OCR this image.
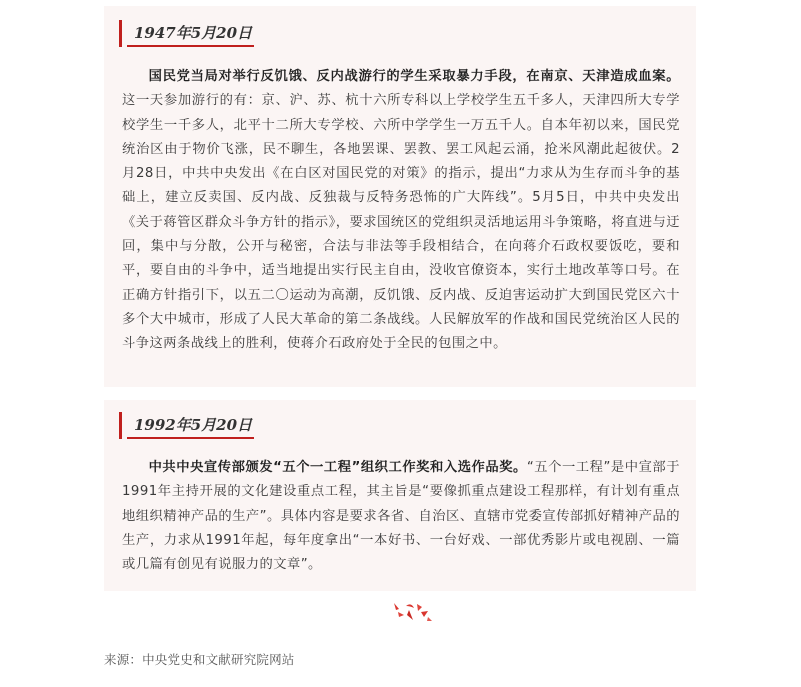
1947年5月20日

国民党当局对举行反饥饿、反内战游行的学生采取暴力手段，在南京、天津造成血案。这一天参加游行的有：京、沪、苏、杭十六所专科以上学校学生五千多人，天津四所大专学校学生一千多人，北平十二所大专学校、六所中学学生一万五千人。自本年初以来，国民党统治区由于物价飞涨，民不聊生，各地罢课、罢教、罢工风起云涌，抢米风潮此起彼伏。2月28日，中共中央发出《在白区对国民党的对策》的指示，提出“力求从为生存而斗争的基础上，建立反卖国、反内战、反独裁与反特务恐怖的广大阵线”。5月5日，中共中央发出《关于蒋管区群众斗争方针的指示》，要求国统区的党组织灵活地运用斗争策略，将直进与迂回，集中与分散，公开与秘密，合法与非法等手段相结合，在向蒋介石政权要饭吃，要和平，要自由的斗争中，适当地提出实行民主自由，没收官僚资本，实行土地改革等口号。在正确方针指引下，以五二〇运动为高潮，反饥饿、反内战、反迫害运动扩大到国民党区六十多个大中城市，形成了人民大革命的第二条战线。人民解放军的作战和国民党统治区人民的斗争这两条战线上的胜利，使蒋介石政府处于全民的包围之中。

1992年5月20日

中共中央宣传部颁发“五个一工程”组织工作奖和入选作品奖。“五个一工程”是中宣部于1991年主持开展的文化建设重点工程，其主旨是“要像抓重点建设工程那样，有计划有重点地组织精神产品的生产”。具体内容是要求各省、自治区、直辖市党委宣传部抓好精神产品的生产，力求从1991年起，每年度拿出“一本好书、一台好戏、一部优秀影片或电视剧、一篇或几篇有创见有说服力的文章”。

来源：中央党史和文献研究院网站
